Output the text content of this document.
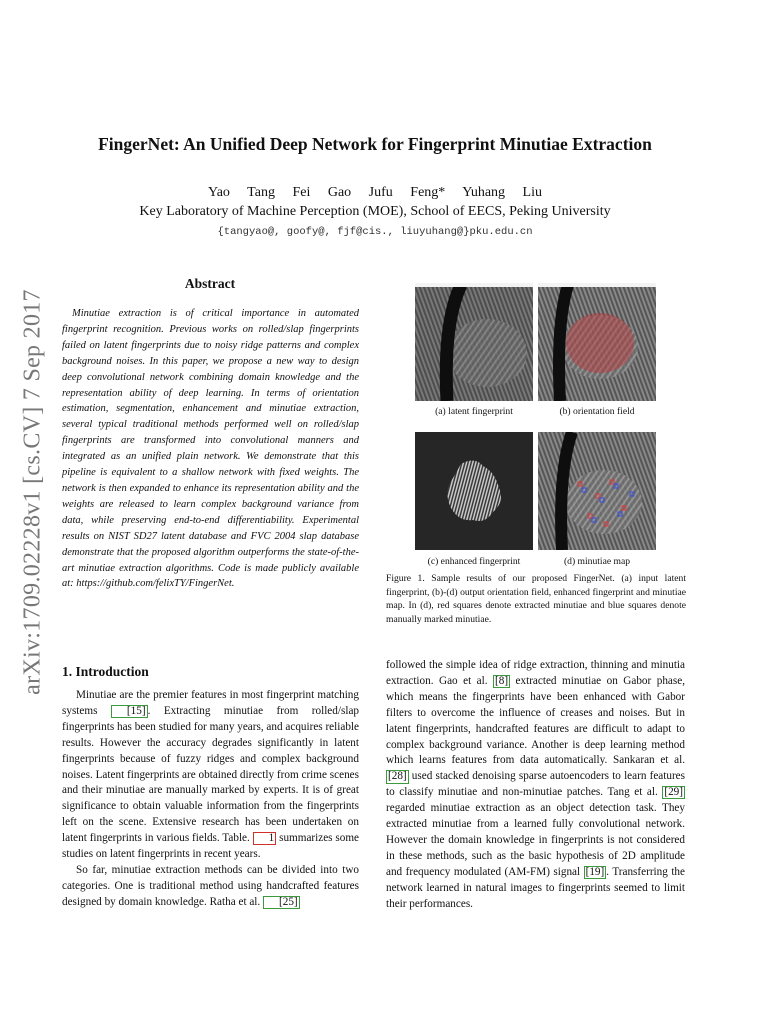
arXiv:1709.02228v1 [cs.CV] 7 Sep 2017
FingerNet: An Unified Deep Network for Fingerprint Minutiae Extraction
Yao Tang Fei Gao Jufu Feng* Yuhang Liu
Key Laboratory of Machine Perception (MOE), School of EECS, Peking University
{tangyao@, goofy@, fjf@cis., liuyuhang@}pku.edu.cn
Abstract

Minutiae extraction is of critical importance in automated fingerprint recognition. Previous works on rolled/slap fingerprints failed on latent fingerprints due to noisy ridge patterns and complex background noises. In this paper, we propose a new way to design deep convolutional network combining domain knowledge and the representation ability of deep learning. In terms of orientation estimation, segmentation, enhancement and minutiae extraction, several typical traditional methods performed well on rolled/slap fingerprints are transformed into convolutional manners and integrated as an unified plain network. We demonstrate that this pipeline is equivalent to a shallow network with fixed weights. The network is then expanded to enhance its representation ability and the weights are released to learn complex background variance from data, while preserving end-to-end differentiability. Experimental results on NIST SD27 latent database and FVC 2004 slap database demonstrate that the proposed algorithm outperforms the state-of-the-art minutiae extraction algorithms. Code is made publicly available at: https://github.com/felixTY/FingerNet.

(a) latent fingerprint	(b) orientation field
(c) enhanced fingerprint	(d) minutiae map
Figure 1. Sample results of our proposed FingerNet. (a) input latent fingerprint, (b)-(d) output orientation field, enhanced fingerprint and minutiae map. In (d), red squares denote extracted minutiae and blue squares denote manually marked minutiae.
1. Introduction

Minutiae are the premier features in most fingerprint matching systems [15] . Extracting minutiae from rolled/slap fingerprints has been studied for many years, and acquires reliable results. However the accuracy degrades significantly in latent fingerprints because of fuzzy ridges and complex background noises. Latent fingerprints are obtained directly from crime scenes and their minutiae are manually marked by experts. It is of great significance to obtain valuable information from the fingerprints left on the scene. Extensive research has been undertaken on latent fingerprints in various fields. Table. 1 summarizes some studies on latent fingerprints in recent years.

So far, minutiae extraction methods can be divided into two categories. One is traditional method using handcrafted features designed by domain knowledge. Ratha et al. [25]

followed the simple idea of ridge extraction, thinning and minutia extraction. Gao et al. [8] extracted minutiae on Gabor phase, which means the fingerprints have been enhanced with Gabor filters to overcome the influence of creases and noises. But in latent fingerprints, handcrafted features are difficult to adapt to complex background variance. Another is deep learning method which learns features from data automatically. Sankaran et al. [28] used stacked denoising sparse autoencoders to learn features to classify minutiae and non-minutiae patches. Tang et al. [29] regarded minutiae extraction as an object detection task. They extracted minutiae from a learned fully convolutional network. However the domain knowledge in fingerprints is not considered in these methods, such as the basic hypothesis of 2D amplitude and frequency modulated (AM-FM) signal [19] . Transferring the network learned in natural images to fingerprints seemed to limit their performances.
